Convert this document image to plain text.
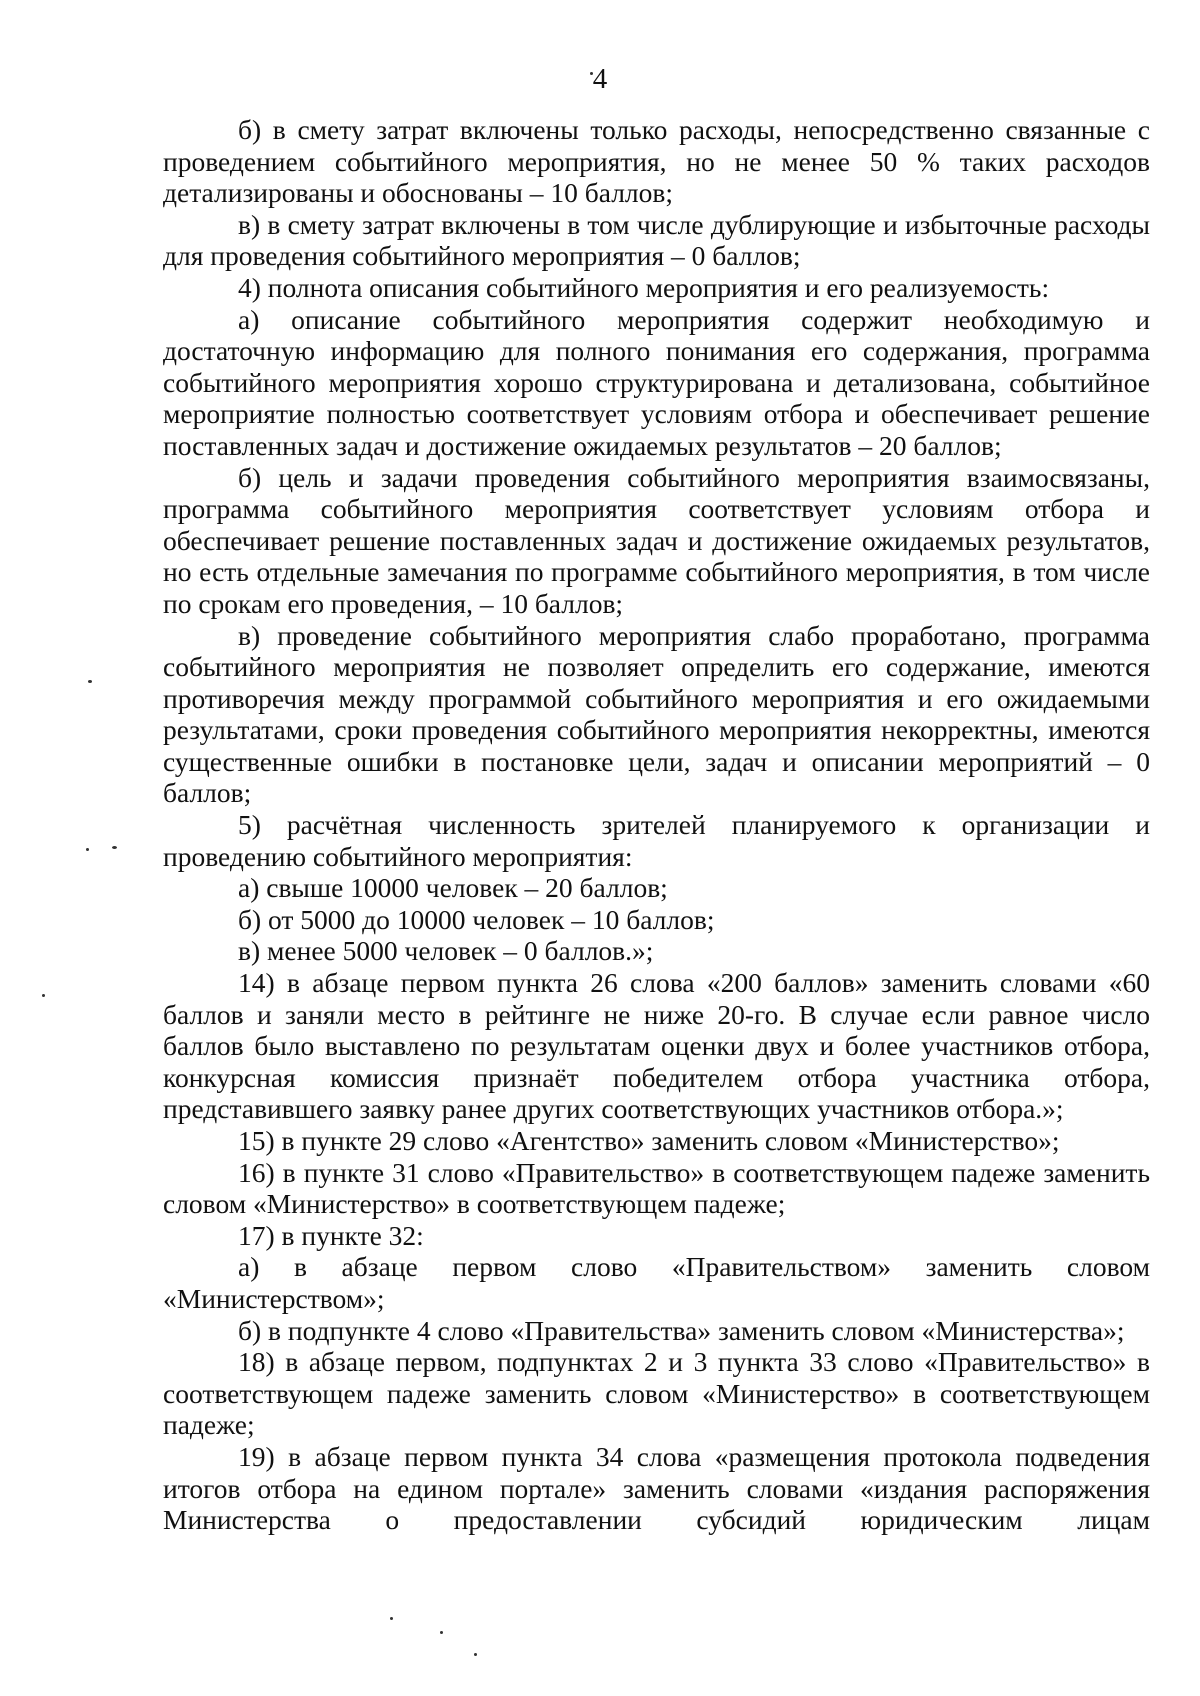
4

б) в смету затрат включены только расходы, непосредственно связанные с проведением событийного мероприятия, но не менее 50 % таких расходов детализированы и обоснованы – 10 баллов;

в) в смету затрат включены в том числе дублирующие и избыточные расходы для проведения событийного мероприятия – 0 баллов;

4) полнота описания событийного мероприятия и его реализуемость:

а) описание событийного мероприятия содержит необходимую и достаточную информацию для полного понимания его содержания, программа событийного мероприятия хорошо структурирована и детализована, событийное мероприятие полностью соответствует условиям отбора и обеспечивает решение поставленных задач и достижение ожидаемых результатов – 20 баллов;

б) цель и задачи проведения событийного мероприятия взаимосвязаны, программа событийного мероприятия соответствует условиям отбора и обеспечивает решение поставленных задач и достижение ожидаемых результатов, но есть отдельные замечания по программе событийного мероприятия, в том числе по срокам его проведения, – 10 баллов;

в) проведение событийного мероприятия слабо проработано, программа событийного мероприятия не позволяет определить его содержание, имеются противоречия между программой событийного мероприятия и его ожидаемыми результатами, сроки проведения событийного мероприятия некорректны, имеются существенные ошибки в постановке цели, задач и описании мероприятий – 0 баллов;

5) расчётная численность зрителей планируемого к организации и проведению событийного мероприятия:

а) свыше 10000 человек – 20 баллов;

б) от 5000 до 10000 человек – 10 баллов;

в) менее 5000 человек – 0 баллов.»;

14) в абзаце первом пункта 26 слова «200 баллов» заменить словами «60 баллов и заняли место в рейтинге не ниже 20-го. В случае если равное число баллов было выставлено по результатам оценки двух и более участников отбора, конкурсная комиссия признаёт победителем отбора участника отбора, представившего заявку ранее других соответствующих участников отбора.»;

15) в пункте 29 слово «Агентство» заменить словом «Министерство»;

16) в пункте 31 слово «Правительство» в соответствующем падеже заменить словом «Министерство» в соответствующем падеже;

17) в пункте 32:

а) в абзаце первом слово «Правительством» заменить словом «Министерством»;

б) в подпункте 4 слово «Правительства» заменить словом «Министерства»;

18) в абзаце первом, подпунктах 2 и 3 пункта 33 слово «Правительство» в соответствующем падеже заменить словом «Министерство» в соответствующем падеже;

19) в абзаце первом пункта 34 слова «размещения протокола подведения итогов отбора на едином портале» заменить словами «издания распоряжения Министерства о предоставлении субсидий юридическим лицам
